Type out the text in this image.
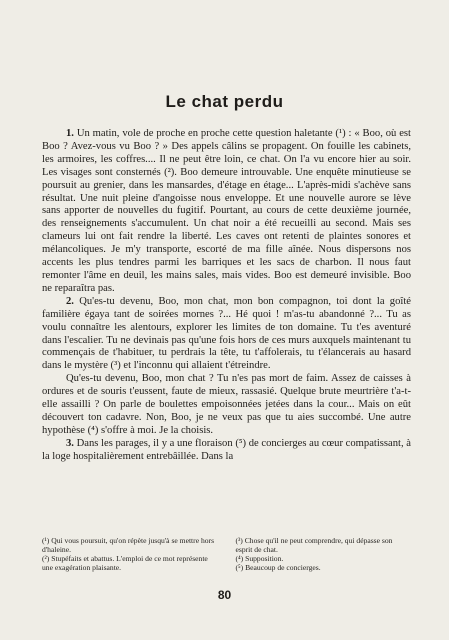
Le chat perdu

1. Un matin, vole de proche en proche cette question haletante (¹) : « Boo, où est Boo ? Avez-vous vu Boo ? » Des appels câlins se propagent. On fouille les cabinets, les armoires, les coffres.... Il ne peut être loin, ce chat. On l'a vu encore hier au soir. Les visages sont consternés (²). Boo demeure introuvable. Une enquête minutieuse se poursuit au grenier, dans les mansardes, d'étage en étage... L'après-midi s'achève sans résultat. Une nuit pleine d'angoisse nous enveloppe. Et une nouvelle aurore se lève sans apporter de nouvelles du fugitif. Pourtant, au cours de cette deuxième journée, des renseignements s'accumulent. Un chat noir a été recueilli au second. Mais ses clameurs lui ont fait rendre la liberté. Les caves ont retenti de plaintes sonores et mélancoliques. Je m'y transporte, escorté de ma fille aînée. Nous dispersons nos accents les plus tendres parmi les barriques et les sacs de charbon. Il nous faut remonter l'âme en deuil, les mains sales, mais vides. Boo est demeuré invisible. Boo ne reparaîtra pas.

2. Qu'es-tu devenu, Boo, mon chat, mon bon compagnon, toi dont la goîté familière égaya tant de soirées mornes ?... Hé quoi ! m'as-tu abandonné ?... Tu as voulu connaître les alentours, explorer les limites de ton domaine. Tu t'es aventuré dans l'escalier. Tu ne devinais pas qu'une fois hors de ces murs auxquels maintenant tu commençais de t'habituer, tu perdrais la tête, tu t'affolerais, tu t'élancerais au hasard dans le mystère (³) et l'inconnu qui allaient t'étreindre.

Qu'es-tu devenu, Boo, mon chat ? Tu n'es pas mort de faim. Assez de caisses à ordures et de souris t'eussent, faute de mieux, rassasié. Quelque brute meurtrière t'a-t-elle assailli ? On parle de boulettes empoisonnées jetées dans la cour... Mais on eût découvert ton cadavre. Non, Boo, je ne veux pas que tu aies succombé. Une autre hypothèse (⁴) s'offre à moi. Je la choisis.

3. Dans les parages, il y a une floraison (⁵) de concierges au cœur compatissant, à la loge hospitalièrement entrebâillée. Dans la

(¹) Qui vous poursuit, qu'on répète jusqu'à se mettre hors d'haleine.
(²) Stupéfaits et abattus. L'emploi de ce mot représente une exagération plaisante.
(³) Chose qu'il ne peut comprendre, qui dépasse son esprit de chat.
(⁴) Supposition.
(⁵) Beaucoup de concierges.
80
